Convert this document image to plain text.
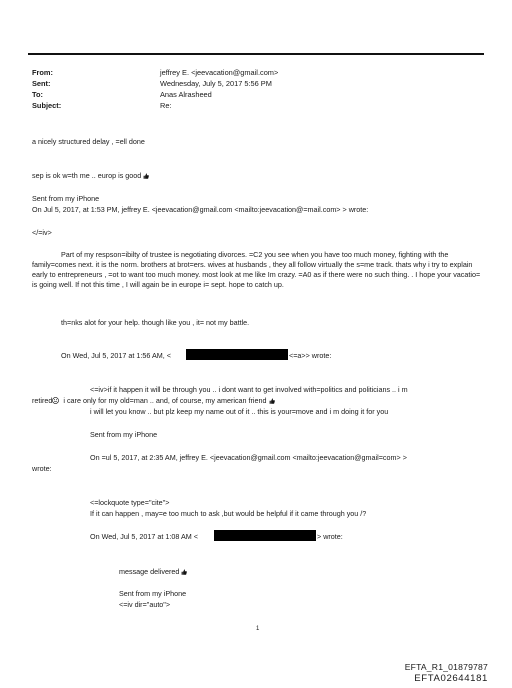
From:	jeffrey E. <jeevacation@gmail.com>
Sent:	Wednesday, July 5, 2017 5:56 PM
To:	Anas Alrasheed
Subject:	Re:
a nicely structured delay , =ell done
sep is ok w=th me .. europ is good
Sent from my iPhone
On Jul 5, 2017, at 1:53 PM, jeffrey E. <jeevacation@gmail.com <mailto:jeevacation@=mail.com> > wrote:
</=iv>
Part of my respson=ibilty of trustee is negotiating divorces. =C2 you see when you have too much money, fighting with the family=comes next. it is the norm. brothers at brot=ers. wives at husbands , they all follow virtually the s=me track. thats why i try to explain early to entrepreneurs , =ot to want too much money. most look at me like Im crazy. =A0 as if there were no such thing. . I hope your vacatio= is going well. If not this time , I will again be in europe i= sept. hope to catch up.
th=nks alot for your help. though like you , it= not my battle.
On Wed, Jul 5, 2017 at 1:56 AM, <	<=a>> wrote:
<=iv>if it happen it will be through you .. i dont want to get involved with=politics and politicians .. i m
retired i care only for my old=man .. and, of course, my american friend
i will let you know .. but plz keep my name out of it .. this is your=move and i m doing it for you
Sent from my iPhone
On =ul 5, 2017, at 2:35 AM, jeffrey E. <jeevacation@gmail.com <mailto:jeevacation@gmail=com> >
wrote:
<=lockquote type="cite">
If it can happen , may=e too much to ask ,but would be helpful if it came through you /?
On Wed, Jul 5, 2017 at 1:08 AM <	> wrote:
message delivered
Sent from my iPhone
<=iv dir="auto">
1
EFTA_R1_01879787
EFTA02644181
